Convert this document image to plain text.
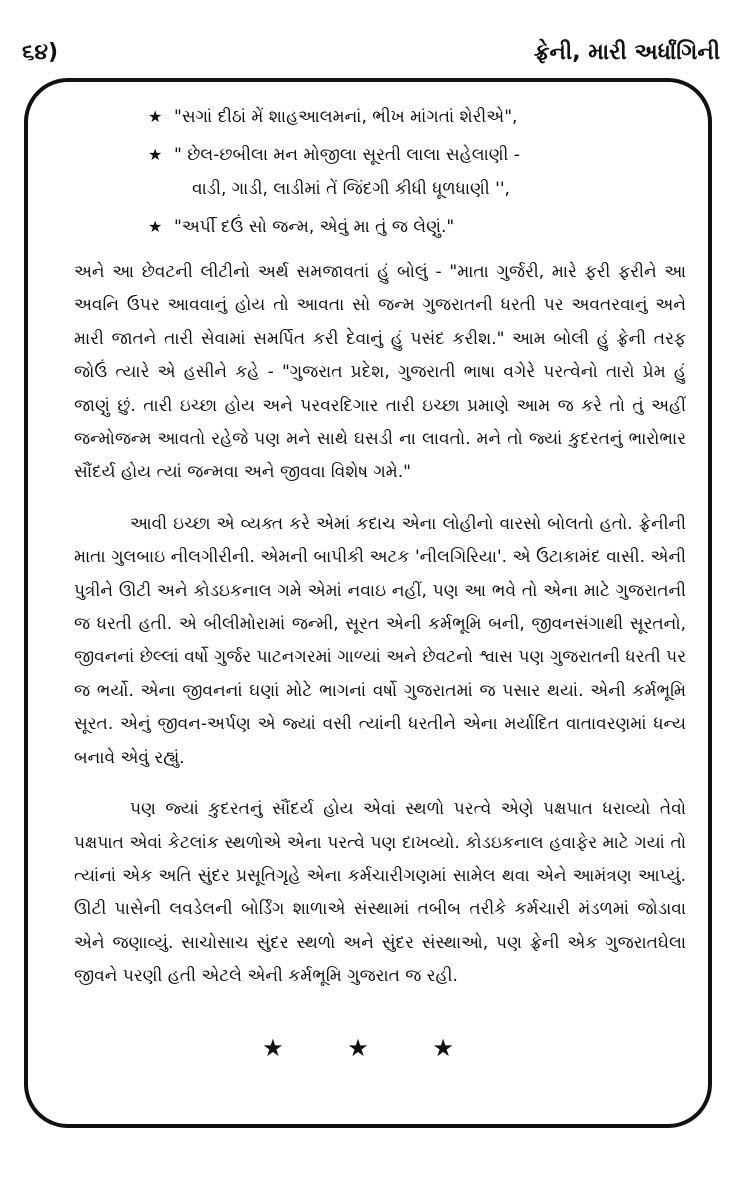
૬૪)	ફ્રેની, મારી અર્ધાંગિની
★ "સગાં દીઠાં મેં શાહઆલમનાં, ભીખ માંગતાં શેરીએ",
★ " છેલ-છબીલા મન મોજીલા સૂરતી લાલા સહેલાણી -
વાડી, ગાડી, લાડીમાં તેં જિંદગી કીધી ધૂળધાણી '',
★ "અર્પી દઉં સો જન્મ, એવું મા તું જ લેણું."

અને આ છેવટની લીટીનો અર્થ સમજાવતાં હું બોલું - "માતા ગુર્જરી, મારે ફરી ફરીને આ અવનિ ઉપર આવવાનું હોય તો આવતા સો જન્મ ગુજરાતની ધરતી પર અવતરવાનું અને મારી જાતને તારી સેવામાં સમર્પિત કરી દેવાનું હું પસંદ કરીશ." આમ બોલી હું ફ્રેની તરફ જોઉં ત્યારે એ હસીને કહે - "ગુજરાત પ્રદેશ, ગુજરાતી ભાષા વગેરે પરત્વેનો તારો પ્રેમ હું જાણું છું. તારી ઇચ્છા હોય અને પરવરદિગાર તારી ઇચ્છા પ્રમાણે આમ જ કરે તો તું અહીં જન્મોજન્મ આવતો રહેજે પણ મને સાથે ઘસડી ના લાવતો. મને તો જ્યાં કુદરતનું ભારોભાર સૌંદર્ય હોય ત્યાં જન્મવા અને જીવવા વિશેષ ગમે."

આવી ઇચ્છા એ વ્યક્ત કરે એમાં કદાચ એના લોહીનો વારસો બોલતો હતો. ફ્રેનીની માતા ગુલબાઇ નીલગીરીની. એમની બાપીકી અટક 'નીલગિરિયા'. એ ઉટાકામંદ વાસી. એની પુત્રીને ઊટી અને કોડઇકનાલ ગમે એમાં નવાઇ નહીં, પણ આ ભવે તો એના માટે ગુજરાતની જ ધરતી હતી. એ બીલીમોરામાં જન્મી, સૂરત એની કર્મભૂમિ બની, જીવનસંગાથી સૂરતનો, જીવનનાં છેલ્લાં વર્ષો ગુર્જર પાટનગરમાં ગાળ્યાં અને છેવટનો શ્વાસ પણ ગુજરાતની ધરતી પર જ ભર્યો. એના જીવનનાં ઘણાં મોટે ભાગનાં વર્ષો ગુજરાતમાં જ પસાર થયાં. એની કર્મભૂમિ સૂરત. એનું જીવન-અર્પણ એ જ્યાં વસી ત્યાંની ધરતીને એના મર્યાદિત વાતાવરણમાં ધન્ય બનાવે એવું રહ્યું.

પણ જ્યાં કુદરતનું સૌંદર્ય હોય એવાં સ્થળો પરત્વે એણે પક્ષપાત ધરાવ્યો તેવો પક્ષપાત એવાં કેટલાંક સ્થળોએ એના પરત્વે પણ દાખવ્યો. કોડઇકનાલ હવાફેર માટે ગયાં તો ત્યાંનાં એક અતિ સુંદર પ્રસૂતિગૃહે એના કર્મચારીગણમાં સામેલ થવા એને આમંત્રણ આપ્યું. ઊટી પાસેની લવડેલની બોર્ડિંગ શાળાએ સંસ્થામાં તબીબ તરીકે કર્મચારી મંડળમાં જોડાવા એને જણાવ્યું. સાચોસાચ સુંદર સ્થળો અને સુંદર સંસ્થાઓ, પણ ફ્રેની એક ગુજરાતઘેલા જીવને પરણી હતી એટલે એની કર્મભૂમિ ગુજરાત જ રહી.

★ ★ ★
